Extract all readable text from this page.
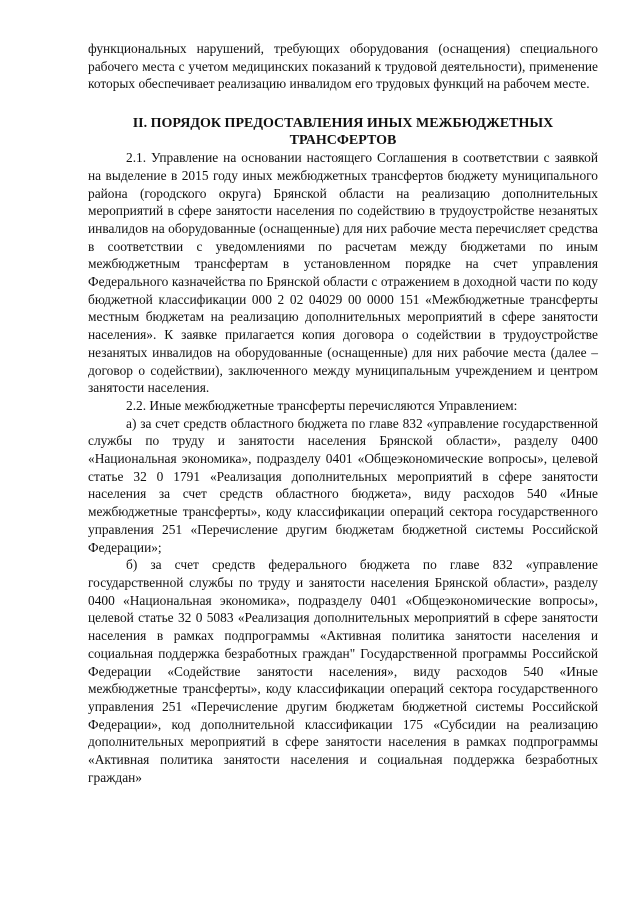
функциональных нарушений, требующих оборудования (оснащения) специального рабочего места с учетом медицинских показаний к трудовой деятельности), применение которых обеспечивает реализацию инвалидом его трудовых функций на рабочем месте.

II. ПОРЯДОК ПРЕДОСТАВЛЕНИЯ ИНЫХ МЕЖБЮДЖЕТНЫХ ТРАНСФЕРТОВ

2.1. Управление на основании настоящего Соглашения в соответствии с заявкой на выделение в 2015 году иных межбюджетных трансфертов бюджету муниципального района (городского округа) Брянской области на реализацию дополнительных мероприятий в сфере занятости населения по содействию в трудоустройстве незанятых инвалидов на оборудованные (оснащенные) для них рабочие места перечисляет средства в соответствии с уведомлениями по расчетам между бюджетами по иным межбюджетным трансфертам в установленном порядке на счет управления Федерального казначейства по Брянской области с отражением в доходной части по коду бюджетной классификации 000 2 02 04029 00 0000 151 «Межбюджетные трансферты местным бюджетам на реализацию дополнительных мероприятий в сфере занятости населения». К заявке прилагается копия договора о содействии в трудоустройстве незанятых инвалидов на оборудованные (оснащенные) для них рабочие места (далее – договор о содействии), заключенного между муниципальным учреждением и центром занятости населения.

2.2. Иные межбюджетные трансферты перечисляются Управлением:

а) за счет средств областного бюджета по главе 832 «управление государственной службы по труду и занятости населения Брянской области», разделу 0400 «Национальная экономика», подразделу 0401 «Общеэкономические вопросы», целевой статье 32 0 1791 «Реализация дополнительных мероприятий в сфере занятости населения за счет средств областного бюджета», виду расходов 540 «Иные межбюджетные трансферты», коду классификации операций сектора государственного управления 251 «Перечисление другим бюджетам бюджетной системы Российской Федерации»;

б) за счет средств федерального бюджета по главе 832 «управление государственной службы по труду и занятости населения Брянской области», разделу 0400 «Национальная экономика», подразделу 0401 «Общеэкономические вопросы», целевой статье 32 0 5083 «Реализация дополнительных мероприятий в сфере занятости населения в рамках подпрограммы «Активная политика занятости населения и социальная поддержка безработных граждан" Государственной программы Российской Федерации «Содействие занятости населения», виду расходов 540 «Иные межбюджетные трансферты», коду классификации операций сектора государственного управления 251 «Перечисление другим бюджетам бюджетной системы Российской Федерации», код дополнительной классификации 175 «Субсидии на реализацию дополнительных мероприятий в сфере занятости населения в рамках подпрограммы «Активная политика занятости населения и социальная поддержка безработных граждан»
